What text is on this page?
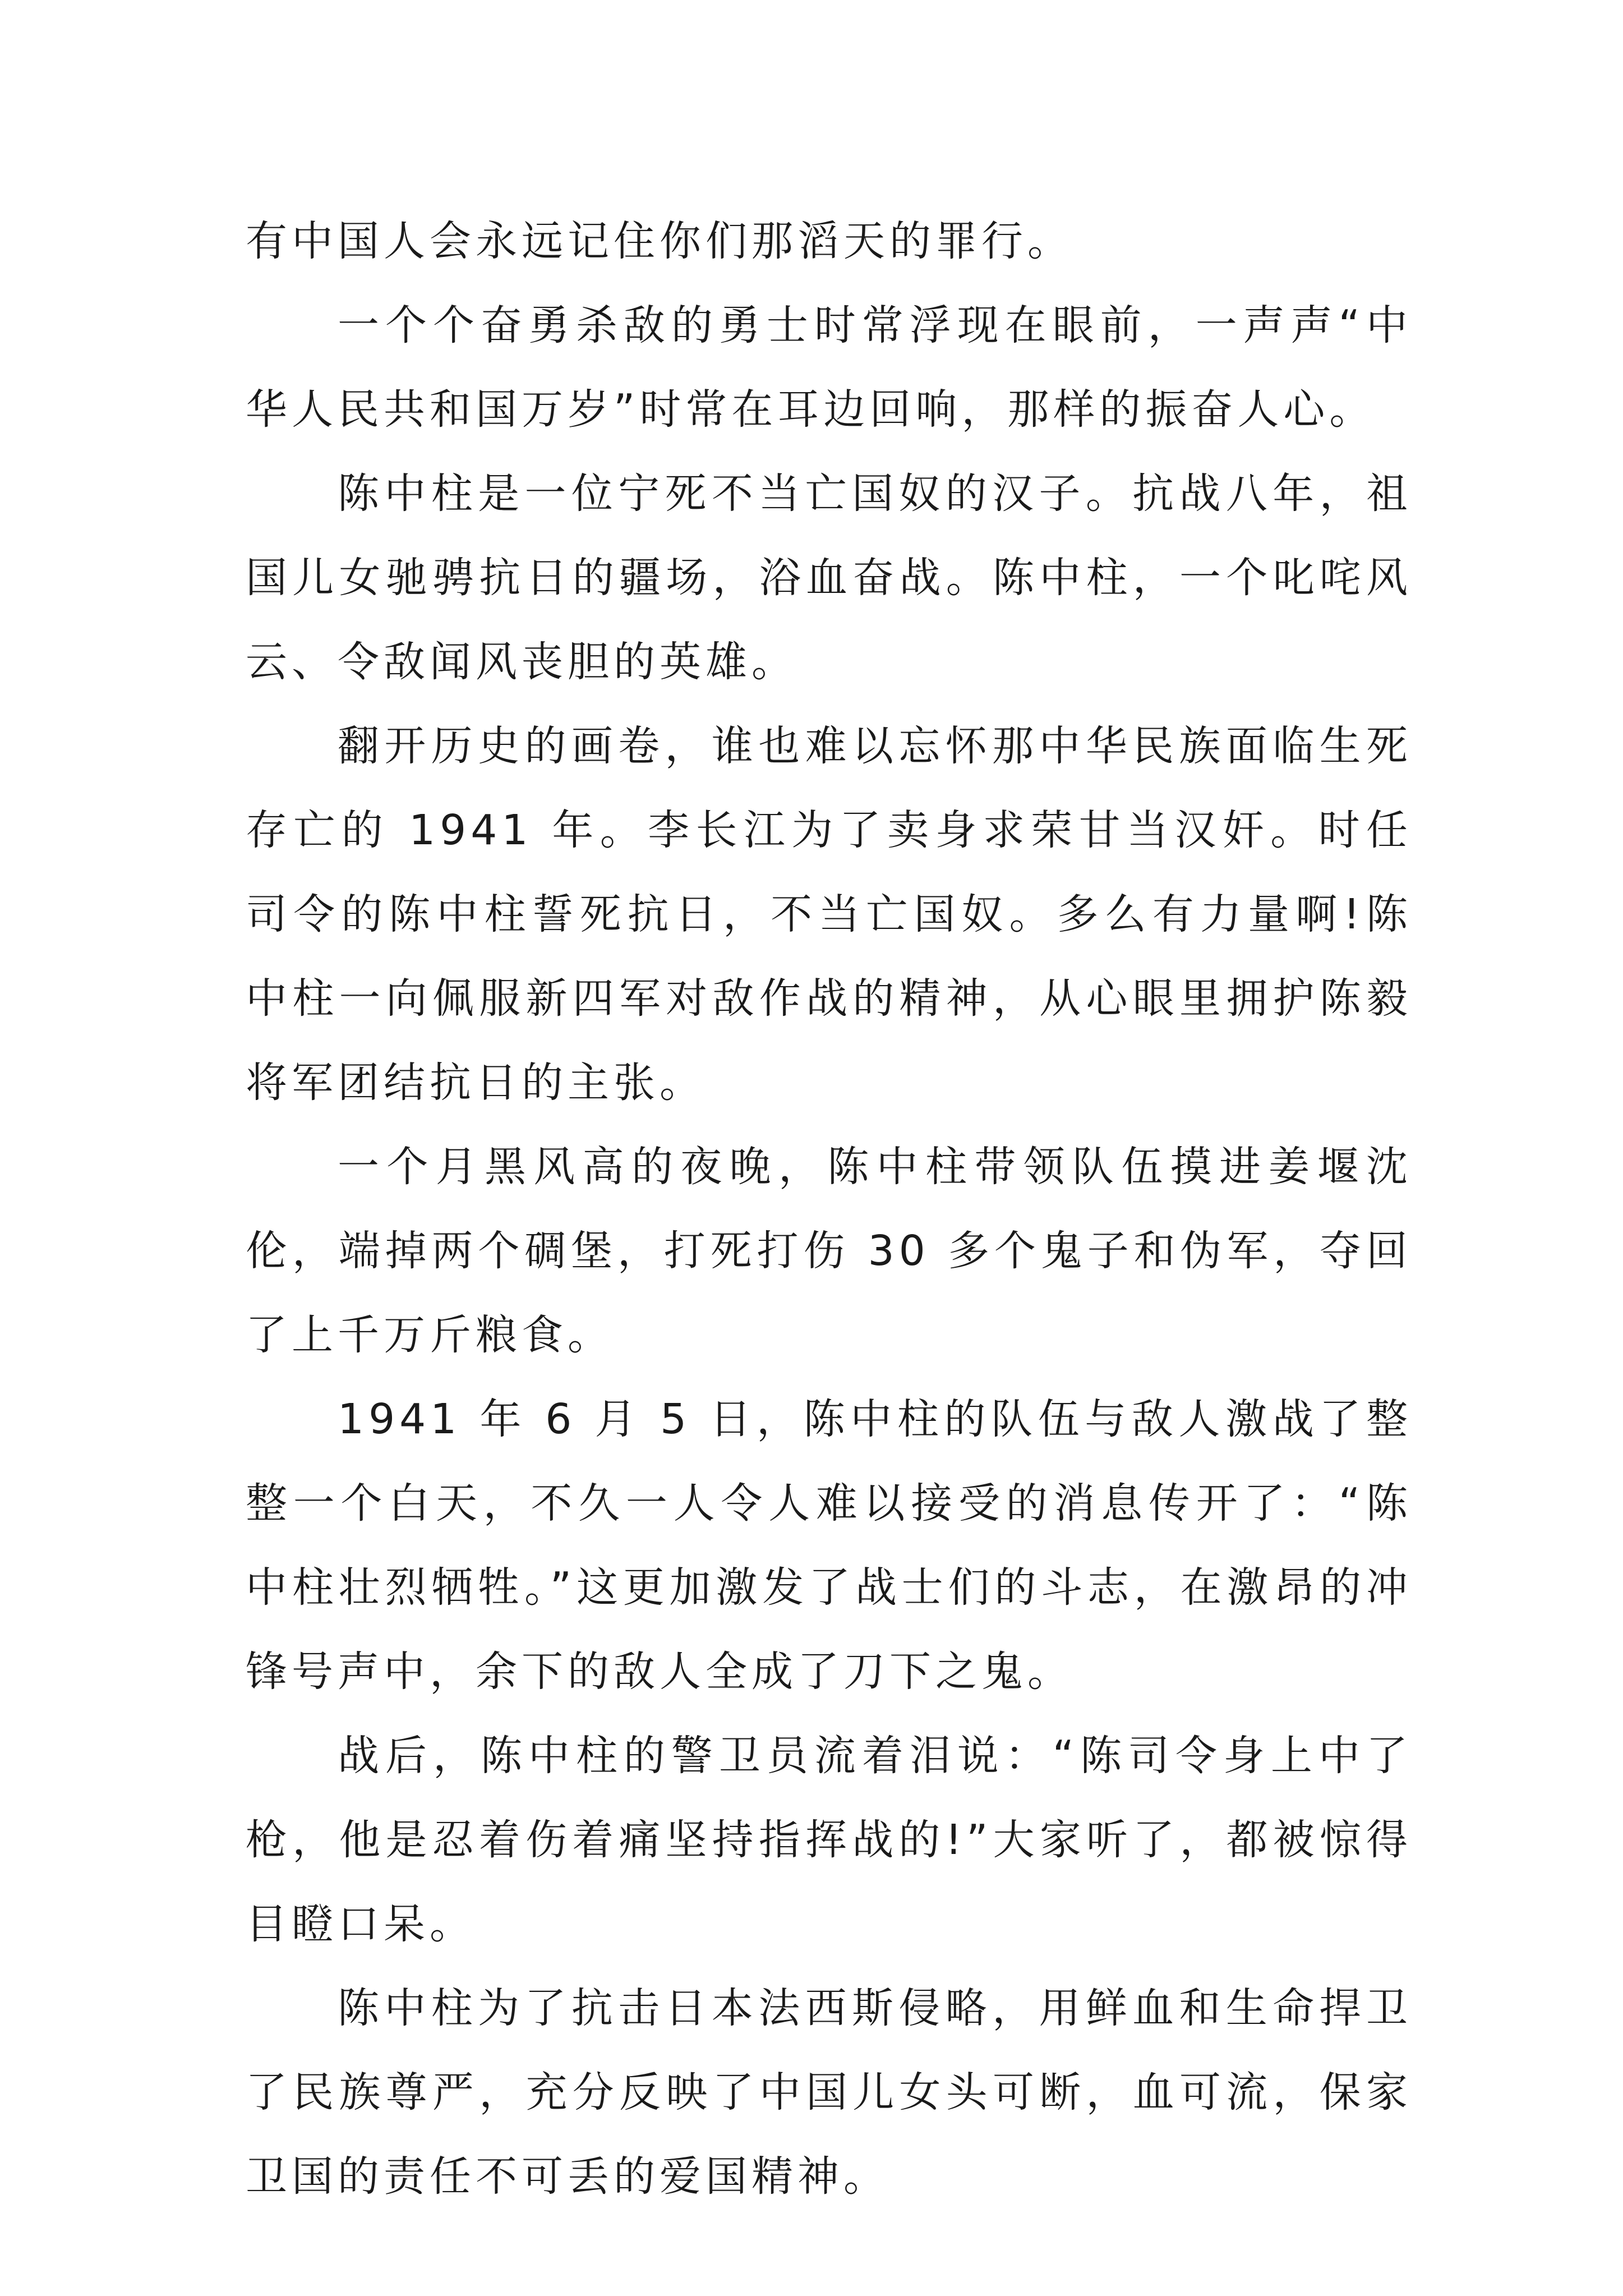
有中国人会永远记住你们那滔天的罪行。

一个个奋勇杀敌的勇士时常浮现在眼前，一声声“中华人民共和国万岁”时常在耳边回响，那样的振奋人心。

陈中柱是一位宁死不当亡国奴的汉子。抗战八年，祖国儿女驰骋抗日的疆场，浴血奋战。陈中柱，一个叱咤风云、令敌闻风丧胆的英雄。

翻开历史的画卷，谁也难以忘怀那中华民族面临生死存亡的 1941 年。李长江为了卖身求荣甘当汉奸。时任司令的陈中柱誓死抗日，不当亡国奴。多么有力量啊!陈中柱一向佩服新四军对敌作战的精神，从心眼里拥护陈毅将军团结抗日的主张。

一个月黑风高的夜晚，陈中柱带领队伍摸进姜堰沈伦，端掉两个碉堡，打死打伤 30 多个鬼子和伪军，夺回了上千万斤粮食。

1941 年 6 月 5 日，陈中柱的队伍与敌人激战了整整一个白天，不久一人令人难以接受的消息传开了：“陈中柱壮烈牺牲。”这更加激发了战士们的斗志，在激昂的冲锋号声中，余下的敌人全成了刀下之鬼。

战后，陈中柱的警卫员流着泪说：“陈司令身上中了枪，他是忍着伤着痛坚持指挥战的!”大家听了，都被惊得目瞪口呆。

陈中柱为了抗击日本法西斯侵略，用鲜血和生命捍卫了民族尊严，充分反映了中国儿女头可断，血可流，保家卫国的责任不可丢的爱国精神。
